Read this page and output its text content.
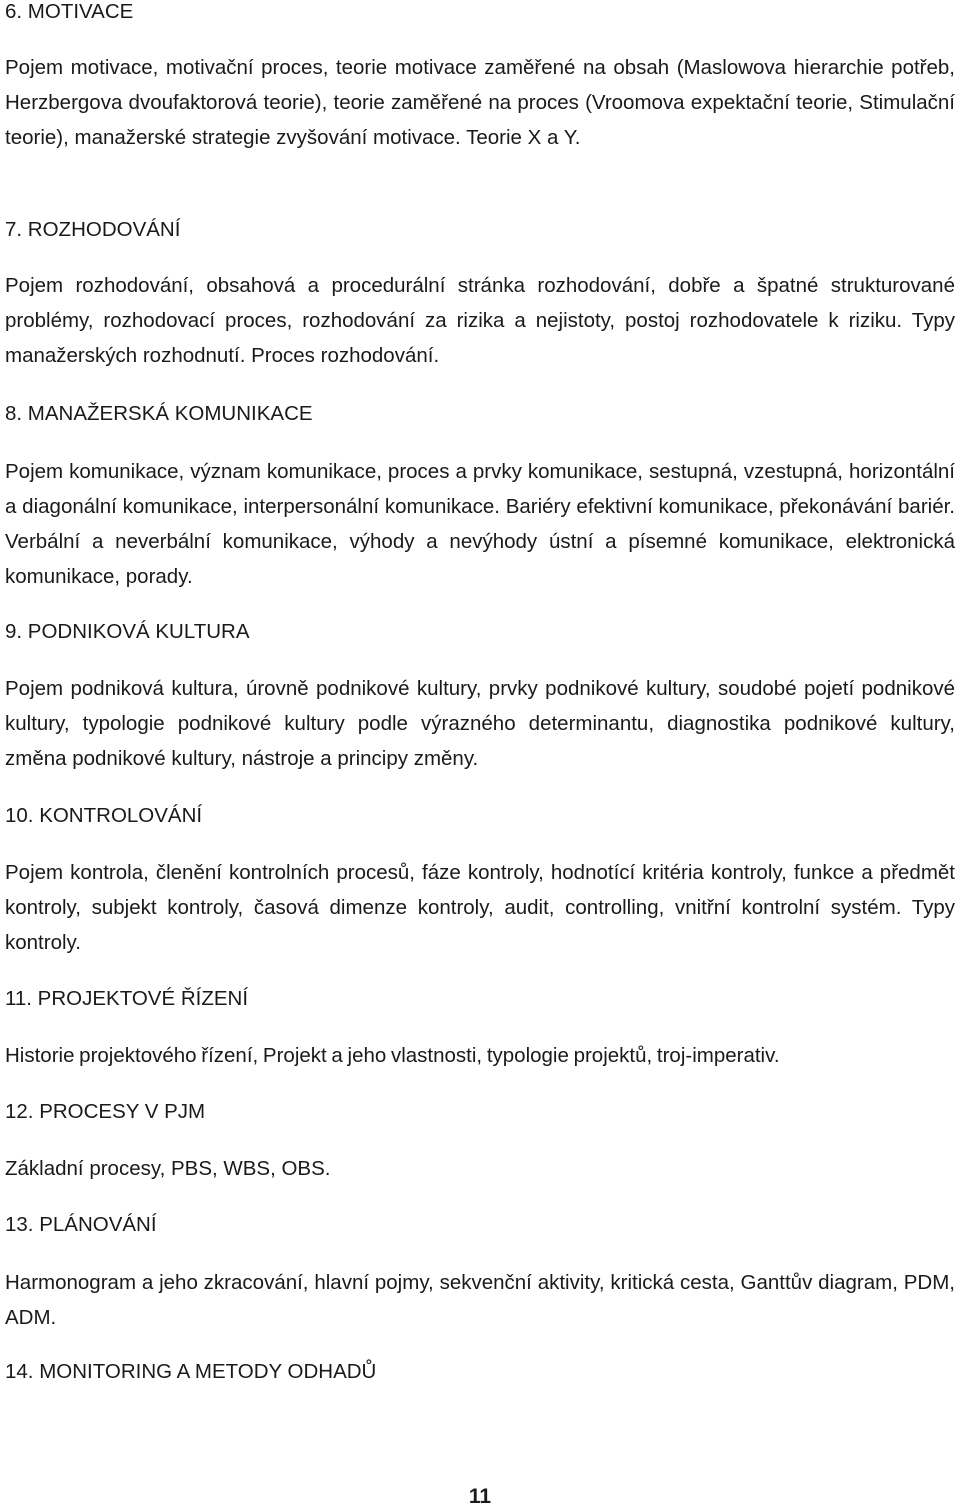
6. MOTIVACE

Pojem motivace, motivační proces, teorie motivace zaměřené na obsah (Maslowova hierarchie potřeb, Herzbergova dvoufaktorová teorie), teorie zaměřené na proces (Vroomova expektační teorie, Stimulační teorie), manažerské strategie zvyšování motivace. Teorie X a Y.

7. ROZHODOVÁNÍ

Pojem rozhodování, obsahová a procedurální stránka rozhodování, dobře a špatné strukturované problémy, rozhodovací proces, rozhodování za rizika a nejistoty, postoj rozhodovatele k riziku. Typy manažerských rozhodnutí. Proces rozhodování.

8. MANAŽERSKÁ KOMUNIKACE

Pojem komunikace, význam komunikace, proces a prvky komunikace, sestupná, vzestupná, horizontální a diagonální komunikace, interpersonální komunikace. Bariéry efektivní komunikace, překonávání bariér. Verbální a neverbální komunikace, výhody a nevýhody ústní a písemné komunikace, elektronická komunikace, porady.

9. PODNIKOVÁ KULTURA

Pojem podniková kultura, úrovně podnikové kultury, prvky podnikové kultury, soudobé pojetí podnikové kultury, typologie podnikové kultury podle výrazného determinantu, diagnostika podnikové kultury, změna podnikové kultury, nástroje a principy změny.

10. KONTROLOVÁNÍ

Pojem kontrola, členění kontrolních procesů, fáze kontroly, hodnotící kritéria kontroly, funkce a předmět kontroly, subjekt kontroly, časová dimenze kontroly, audit, controlling, vnitřní kontrolní systém. Typy kontroly.

11. PROJEKTOVÉ ŘÍZENÍ

Historie projektového řízení, Projekt a jeho vlastnosti, typologie projektů, troj-imperativ.

12. PROCESY V PJM

Základní procesy, PBS, WBS, OBS.

13. PLÁNOVÁNÍ

Harmonogram a jeho zkracování, hlavní pojmy, sekvenční aktivity, kritická cesta, Ganttův diagram, PDM, ADM.

14. MONITORING A METODY ODHADŮ
11
